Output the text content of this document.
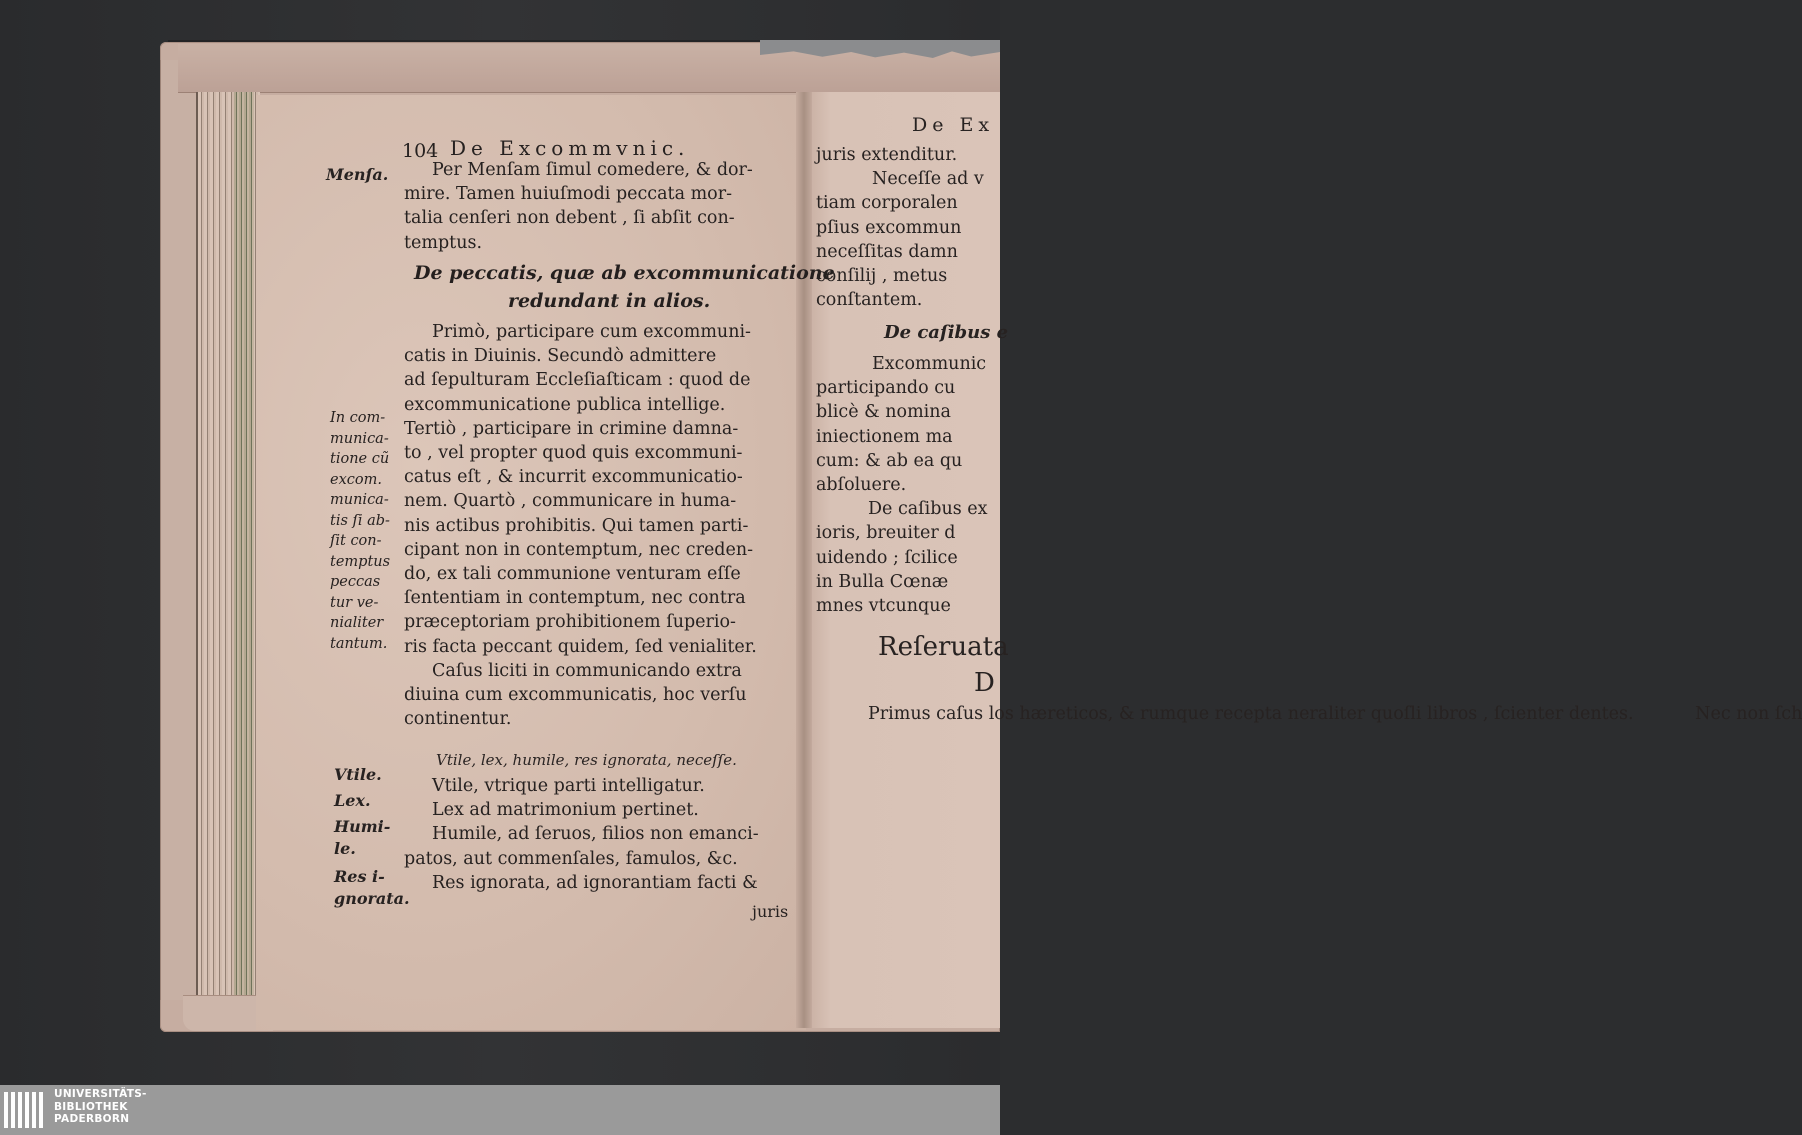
104 De Excommvnic.
Per Menſam ſimul comedere, & dor-
mire. Tamen huiuſmodi peccata mor-
talia cenſeri non debent , ſi abſit con-
temptus.
De peccatis, quæ ab excommunicatione
redundant in alios.
Primò, participare cum excommuni-
catis in Diuinis. Secundò admittere
ad ſepulturam Eccleſiaſticam : quod de
excommunicatione publica intellige.
Tertiò , participare in crimine damna-
to , vel propter quod quis excommuni-
catus eſt , & incurrit excommunicatio-
nem. Quartò , communicare in huma-
nis actibus prohibitis. Qui tamen parti-
cipant non in contemptum, nec creden-
do, ex tali communione venturam eſſe
ſententiam in contemptum, nec contra
præceptoriam prohibitionem ſuperio-
ris facta peccant quidem, ſed venialiter.
Caſus liciti in communicando extra
diuina cum excommunicatis, hoc verſu
continentur.
Vtile, lex, humile, res ignorata, neceſſe.
Vtile, vtrique parti intelligatur.
Lex ad matrimonium pertinet.
Humile, ad ſeruos, filios non emanci-
patos, aut commenſales, famulos, &c.
Res ignorata, ad ignorantiam facti &
juris
Menſa.
In com-
munica-
tione cũ
excom.
munica-
tis ſi ab-
ſit con-
temptus
peccas
tur ve-
nialiter
tantum.
Vtile.
Lex.
Humi-
le.
Res i-
gnorata.
De Ex
juris extenditur.
Neceſſe ad v
tiam corporalen
pſius excommun
neceſſitas damn
conſilij , metus
conſtantem.
De caſibus e
Excommunic
participando cu
blicè & nomina
iniectionem ma
cum: & ab ea qu
abſoluere.
De caſibus ex
ioris, breuiter d
uidendo ; ſcilice
in Bulla Cœnæ
mnes vtcunque
Reſeruata
D
Primus caſus los hæreticos, & rumque recepta neraliter quoſli libros , ſcienter dentes.	Nec non ſch
UNIVERSITÄTS-
BIBLIOTHEK
PADERBORN
